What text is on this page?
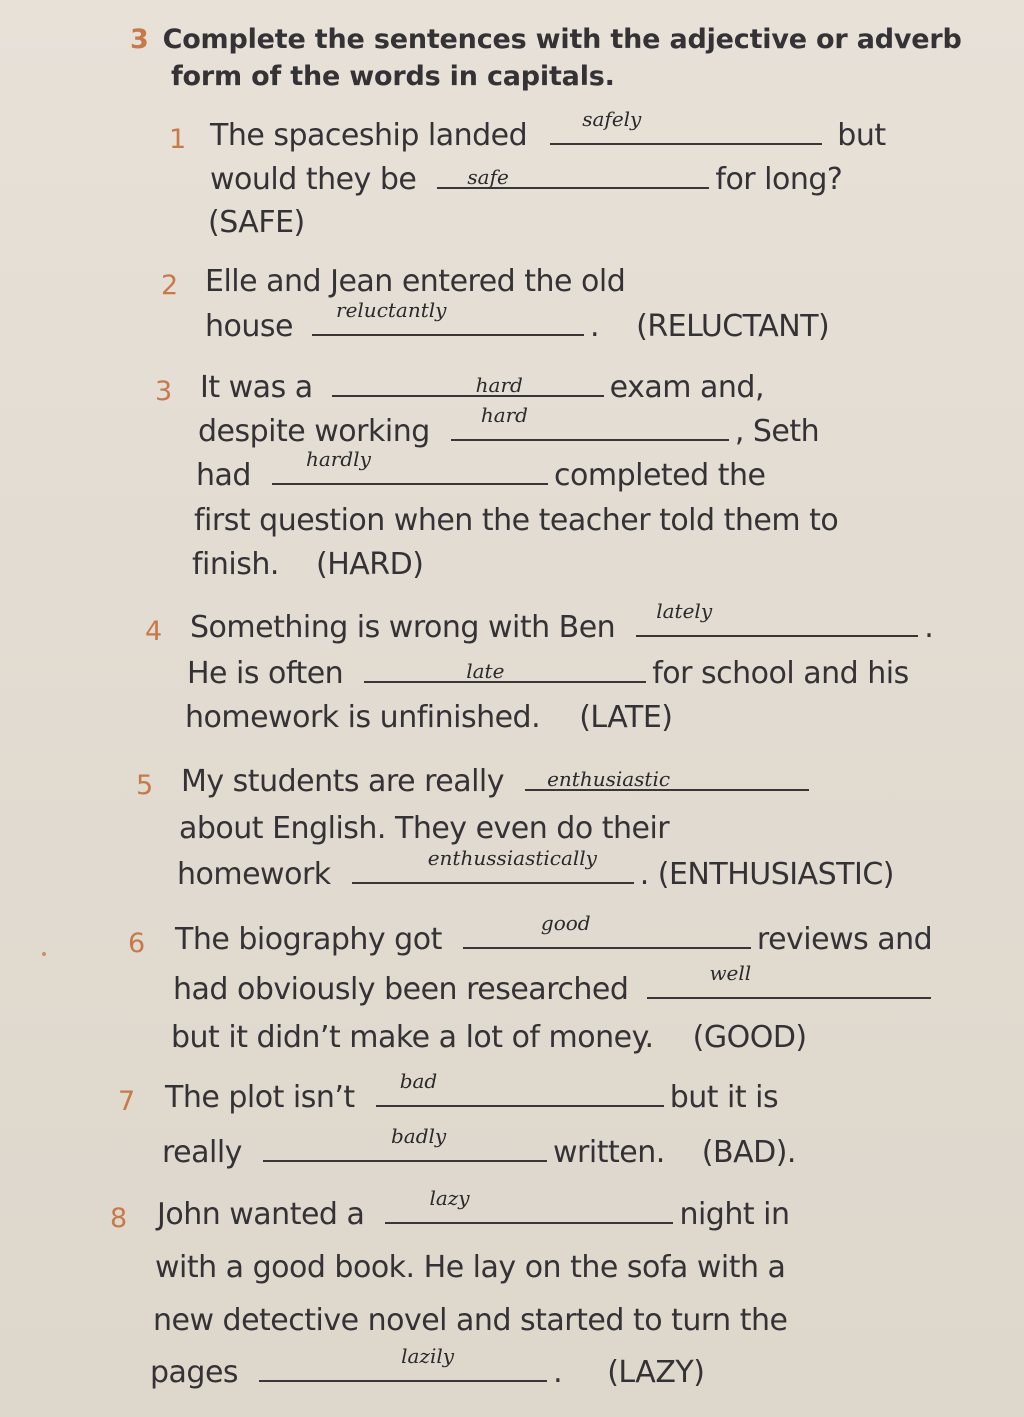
3 Complete the sentences with the adjective or adverb
form of the words in capitals.
1 The spaceship landed	safely	but
would they be	safe	for long?
(SAFE)
2 Elle and Jean entered the old
house reluctantly	. (RELUCTANT)
3 It was a	hard	exam and,
despite working	hard	, Seth
had	hardly	completed the
first question when the teacher told them to
finish. (HARD)
4 Something is wrong with Ben lately	.
He is often	late	for school and his
homework is unfinished. (LATE)
5 My students are really enthusiastic
about English. They even do their
homework	enthussiastically . (ENTHUSIASTIC)
6 The biography got	good	reviews and
had obviously been researched	well
but it didn’t make a lot of money. (GOOD)
7 The plot isn’t bad	but it is
really	badly	written. (BAD).
8 John wanted a	lazy	night in
with a good book. He lay on the sofa with a
new detective novel and started to turn the
pages	lazily	. (LAZY)
